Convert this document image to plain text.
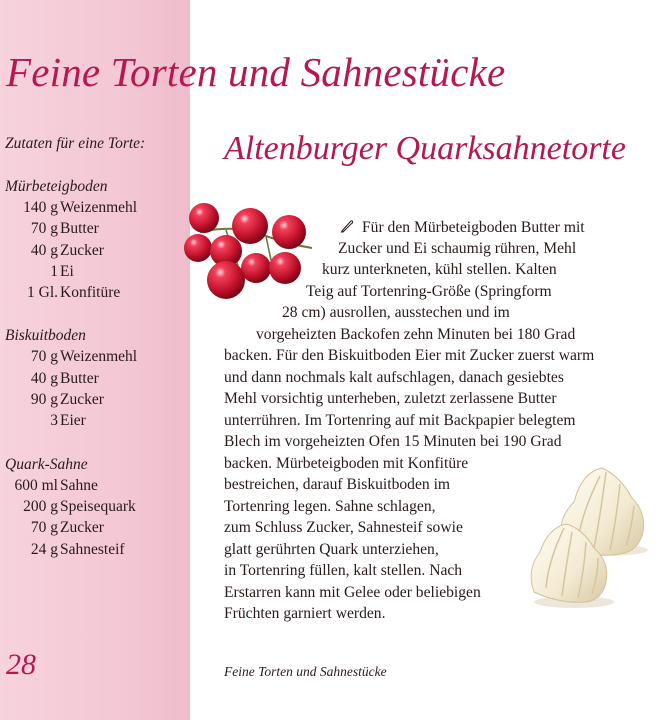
Feine Torten und Sahnestücke
Altenburger Quarksahnetorte
Zutaten für eine Torte:
Mürbeteigboden
140 g Weizenmehl
70 g Butter
40 g Zucker
1 Ei
1 Gl. Konfitüre
Biskuitboden
70 g Weizenmehl
40 g Butter
90 g Zucker
3 Eier
Quark-Sahne
600 ml Sahne
200 g Speisequark
70 g Zucker
24 g Sahnesteif
Für den Mürbeteigboden Butter mit
Zucker und Ei schaumig rühren, Mehl
kurz unterkneten, kühl stellen. Kalten
Teig auf Tortenring-Größe (Springform
28 cm) ausrollen, ausstechen und im
vorgeheizten Backofen zehn Minuten bei 180 Grad
backen. Für den Biskuitboden Eier mit Zucker zuerst warm
und dann nochmals kalt aufschlagen, danach gesiebtes
Mehl vorsichtig unterheben, zuletzt zerlassene Butter
unterrühren. Im Tortenring auf mit Backpapier belegtem
Blech im vorgeheizten Ofen 15 Minuten bei 190 Grad
backen. Mürbeteigboden mit Konfitüre
bestreichen, darauf Biskuitboden im
Tortenring legen. Sahne schlagen,
zum Schluss Zucker, Sahnesteif sowie
glatt gerührten Quark unterziehen,
in Tortenring füllen, kalt stellen. Nach
Erstarren kann mit Gelee oder beliebigen
Früchten garniert werden.
28	Feine Torten und Sahnestücke
